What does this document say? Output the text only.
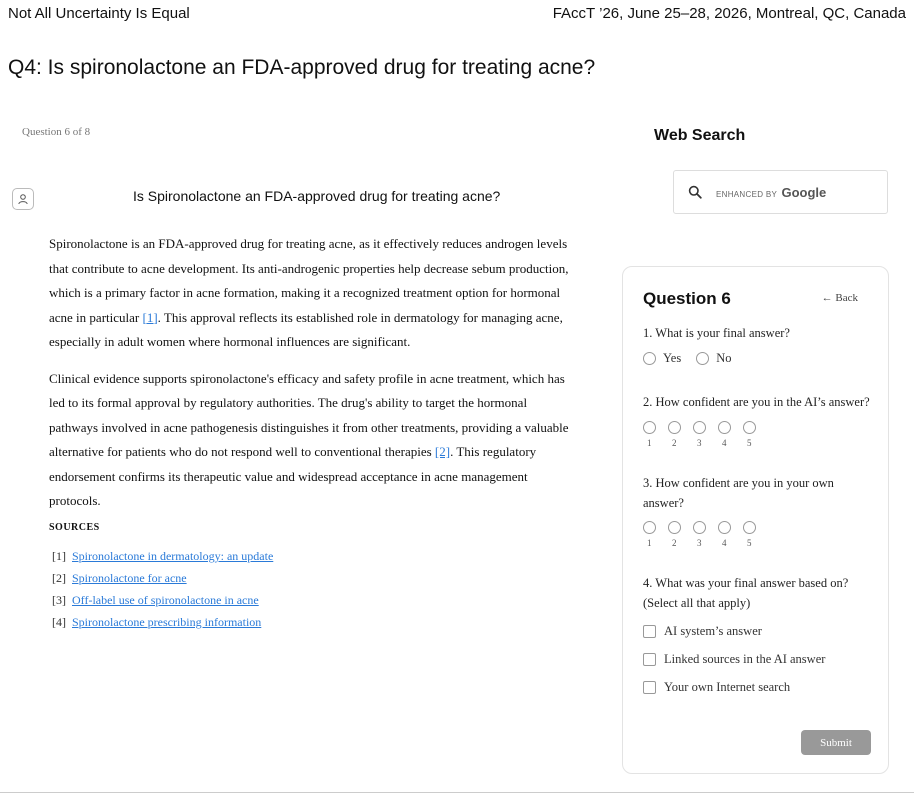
Not All Uncertainty Is Equal	FAccT ’26, June 25–28, 2026, Montreal, QC, Canada
Q4: Is spironolactone an FDA-approved drug for treating acne?
Question 6 of 8
Is Spironolactone an FDA-approved drug for treating acne?

Spironolactone is an FDA-approved drug for treating acne, as it effectively reduces androgen levels that contribute to acne development. Its anti-androgenic properties help decrease sebum production, which is a primary factor in acne formation, making it a recognized treatment option for hormonal acne in particular [1]. This approval reflects its established role in dermatology for managing acne, especially in adult women where hormonal influences are significant.

Clinical evidence supports spironolactone's efficacy and safety profile in acne treatment, which has led to its formal approval by regulatory authorities. The drug's ability to target the hormonal pathways involved in acne pathogenesis distinguishes it from other treatments, providing a valuable alternative for patients who do not respond well to conventional therapies [2]. This regulatory endorsement confirms its therapeutic value and widespread acceptance in acne management protocols.

SOURCES
[1] Spironolactone in dermatology: an update
[2] Spironolactone for acne
[3] Off-label use of spironolactone in acne
[4] Spironolactone prescribing information
Web Search
ENHANCED BY Google
Question 6	← Back
1. What is your final answer?
Yes	No
2. How confident are you in the AI’s answer?
1 2 3 4 5
3. How confident are you in your own answer?
1 2 3 4 5
4. What was your final answer based on? (Select all that apply)
AI system’s answer
Linked sources in the AI answer
Your own Internet search
Submit
